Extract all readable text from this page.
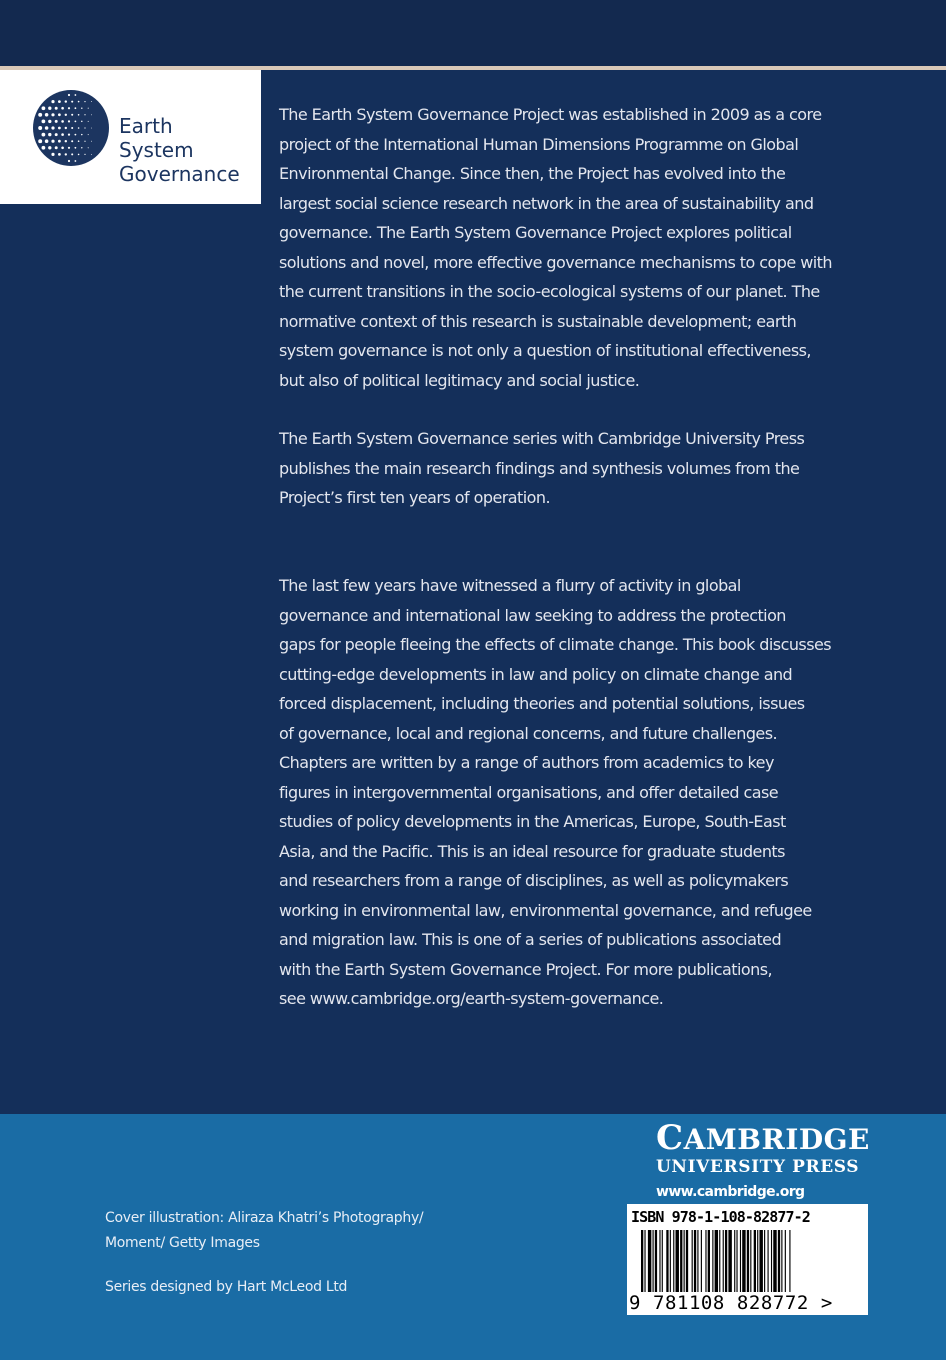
Earth
System
Governance
The Earth System Governance Project was established in 2009 as a core
project of the International Human Dimensions Programme on Global
Environmental Change. Since then, the Project has evolved into the
largest social science research network in the area of sustainability and
governance. The Earth System Governance Project explores political
solutions and novel, more effective governance mechanisms to cope with
the current transitions in the socio-ecological systems of our planet. The
normative context of this research is sustainable development; earth
system governance is not only a question of institutional effectiveness,
but also of political legitimacy and social justice.
The Earth System Governance series with Cambridge University Press
publishes the main research findings and synthesis volumes from the
Project’s first ten years of operation.
The last few years have witnessed a flurry of activity in global
governance and international law seeking to address the protection
gaps for people fleeing the effects of climate change. This book discusses
cutting-edge developments in law and policy on climate change and
forced displacement, including theories and potential solutions, issues
of governance, local and regional concerns, and future challenges.
Chapters are written by a range of authors from academics to key
figures in intergovernmental organisations, and offer detailed case
studies of policy developments in the Americas, Europe, South-East
Asia, and the Pacific. This is an ideal resource for graduate students
and researchers from a range of disciplines, as well as policymakers
working in environmental law, environmental governance, and refugee
and migration law. This is one of a series of publications associated
with the Earth System Governance Project. For more publications,
see www.cambridge.org/earth-system-governance.
Cover illustration: Aliraza Khatri’s Photography/
Moment/ Getty Images
Series designed by Hart McLeod Ltd
CAMBRIDGE
UNIVERSITY PRESS
www.cambridge.org
ISBN 978-1-108-82877-2
9 781108 828772 >
